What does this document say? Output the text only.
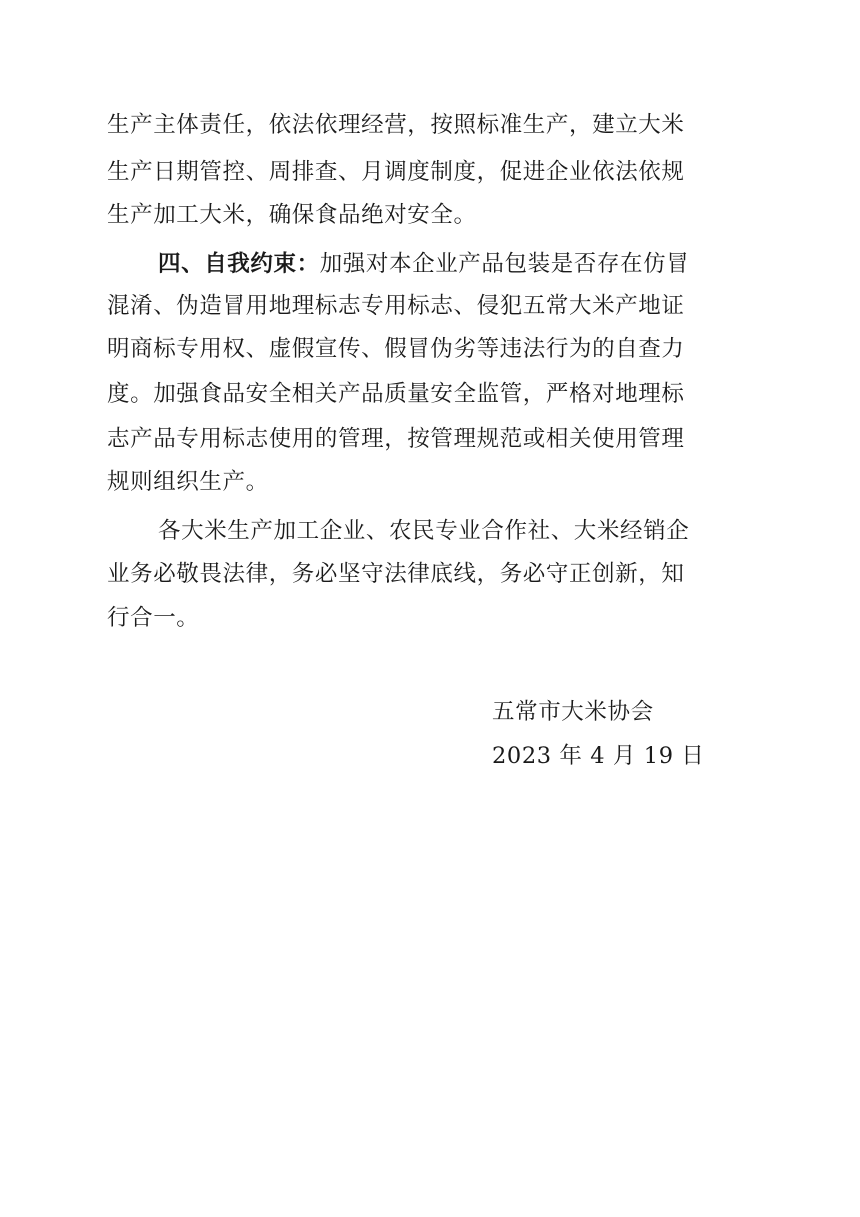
生产主体责任，依法依理经营，按照标准生产，建立大米
生产日期管控、周排查、月调度制度，促进企业依法依规
生产加工大米，确保食品绝对安全。
四、自我约束：加强对本企业产品包装是否存在仿冒
混淆、伪造冒用地理标志专用标志、侵犯五常大米产地证
明商标专用权、虚假宣传、假冒伪劣等违法行为的自查力
度。加强食品安全相关产品质量安全监管，严格对地理标
志产品专用标志使用的管理，按管理规范或相关使用管理
规则组织生产。
各大米生产加工企业、农民专业合作社、大米经销企
业务必敬畏法律，务必坚守法律底线，务必守正创新，知
行合一。
五常市大米协会
2023 年 4 月 19 日
